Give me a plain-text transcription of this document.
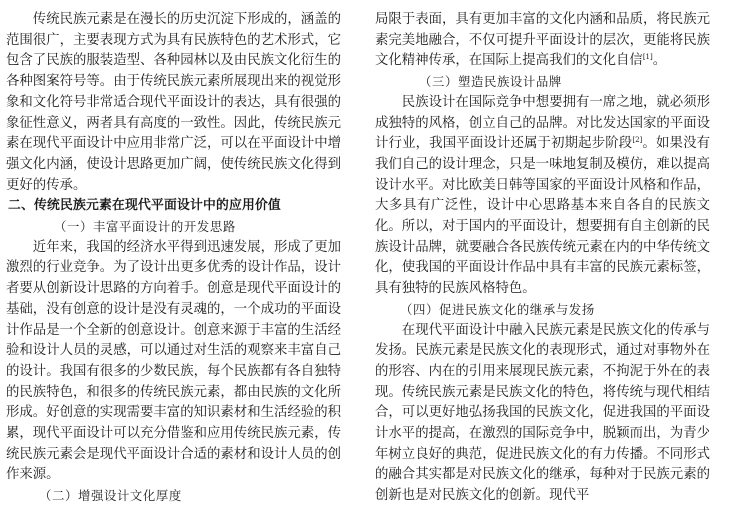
传统民族元素是在漫长的历史沉淀下形成的，涵盖的范围很广，主要表现方式为具有民族特色的艺术形式，它包含了民族的服装造型、各种园林以及由民族文化衍生的各种图案符号等。由于传统民族元素所展现出来的视觉形象和文化符号非常适合现代平面设计的表达，具有很强的象征性意义，两者具有高度的一致性。因此，传统民族元素在现代平面设计中应用非常广泛，可以在平面设计中增强文化内涵，使设计思路更加广阔，使传统民族文化得到更好的传承。

二、传统民族元素在现代平面设计中的应用价值
（一）丰富平面设计的开发思路

近年来，我国的经济水平得到迅速发展，形成了更加激烈的行业竞争。为了设计出更多优秀的设计作品，设计者要从创新设计思路的方向着手。创意是现代平面设计的基础，没有创意的设计是没有灵魂的，一个成功的平面设计作品是一个全新的创意设计。创意来源于丰富的生活经验和设计人员的灵感，可以通过对生活的观察来丰富自己的设计。我国有很多的少数民族，每个民族都有各自独特的民族特色，和很多的传统民族元素，都由民族的文化所形成。好创意的实现需要丰富的知识素材和生活经验的积累，现代平面设计可以充分借鉴和应用传统民族元素，传统民族元素会是现代平面设计合适的素材和设计人员的创作来源。

（二）增强设计文化厚度

局限于表面，具有更加丰富的文化内涵和品质，将民族元素完美地融合，不仅可提升平面设计的层次，更能将民族文化精神传承，在国际上提高我们的文化自信[1]。

（三）塑造民族设计品牌

民族设计在国际竞争中想要拥有一席之地，就必须形成独特的风格，创立自己的品牌。对比发达国家的平面设计行业，我国平面设计还属于初期起步阶段[2]。如果没有我们自己的设计理念，只是一味地复制及模仿，难以提高设计水平。对比欧美日韩等国家的平面设计风格和作品，大多具有广泛性，设计中心思路基本来自各自的民族文化。所以，对于国内的平面设计，想要拥有自主创新的民族设计品牌，就要融合各民族传统元素在内的中华传统文化，使我国的平面设计作品中具有丰富的民族元素标签，具有独特的民族风格特色。

（四）促进民族文化的继承与发扬

在现代平面设计中融入民族元素是民族文化的传承与发扬。民族元素是民族文化的表现形式，通过对事物外在的形容、内在的引用来展现民族元素，不拘泥于外在的表现。传统民族元素是民族文化的特色，将传统与现代相结合，可以更好地弘扬我国的民族文化，促进我国的平面设计水平的提高，在激烈的国际竞争中，脱颖而出，为青少年树立良好的典范，促进民族文化的有力传播。不同形式的融合其实都是对民族文化的继承，每种对于民族元素的创新也是对民族文化的创新。现代平
